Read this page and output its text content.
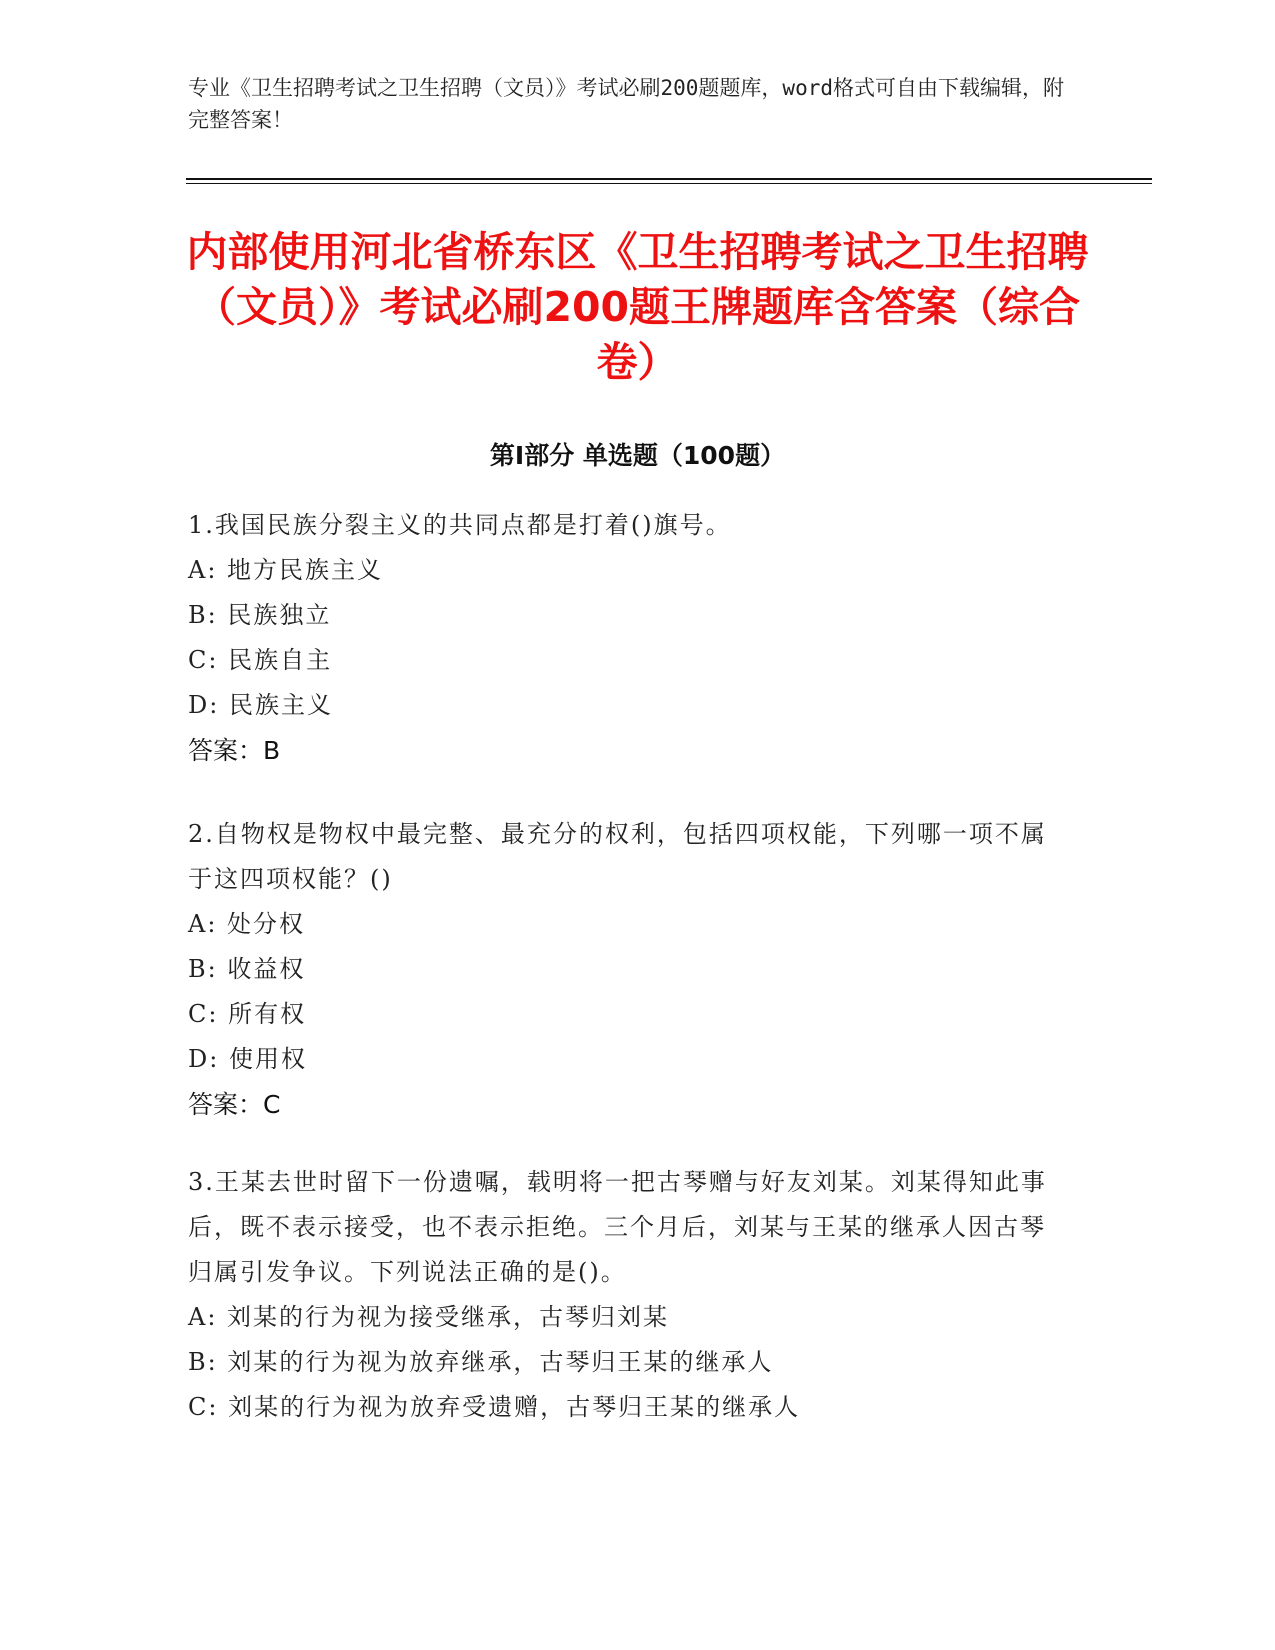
专业《卫生招聘考试之卫生招聘（文员）》考试必刷200题题库，word格式可自由下载编辑，附完整答案！
内部使用河北省桥东区《卫生招聘考试之卫生招聘（文员）》考试必刷200题王牌题库含答案（综合卷）
第Ⅰ部分 单选题（100题）

1.我国民族分裂主义的共同点都是打着()旗号。

A: 地方民族主义

B: 民族独立

C: 民族自主

D: 民族主义

答案：B

2.自物权是物权中最完整、最充分的权利，包括四项权能，下列哪一项不属于这四项权能？()

A: 处分权

B: 收益权

C: 所有权

D: 使用权

答案：C

3.王某去世时留下一份遗嘱，载明将一把古琴赠与好友刘某。刘某得知此事后，既不表示接受，也不表示拒绝。三个月后，刘某与王某的继承人因古琴归属引发争议。下列说法正确的是()。

A: 刘某的行为视为接受继承，古琴归刘某

B: 刘某的行为视为放弃继承，古琴归王某的继承人

C: 刘某的行为视为放弃受遗赠，古琴归王某的继承人
